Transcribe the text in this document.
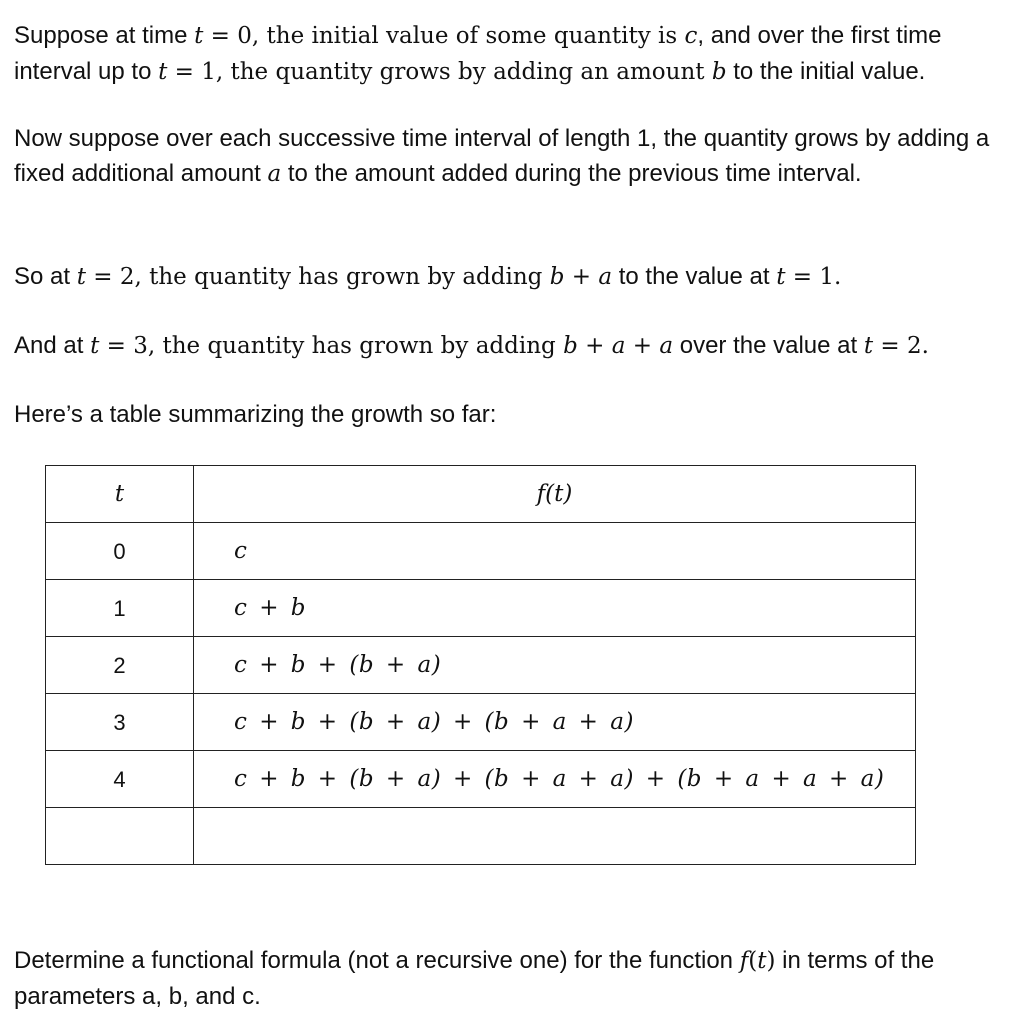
Suppose at time t = 0, the initial value of some quantity is c, and over the first time interval up to t = 1, the quantity grows by adding an amount b to the initial value.

Now suppose over each successive time interval of length 1, the quantity grows by adding a fixed additional amount a to the amount added during the previous time interval.

So at t = 2, the quantity has grown by adding b + a to the value at t = 1.

And at t = 3, the quantity has grown by adding b + a + a over the value at t = 2.

Here’s a table summarizing the growth so far:

t	f(t)
0	c
1	c + b
2	c + b + (b + a)
3	c + b + (b + a) + (b + a + a)
4	c + b + (b + a) + (b + a + a) + (b + a + a + a)

Determine a functional formula (not a recursive one) for the function f(t) in terms of the parameters a, b, and c.
